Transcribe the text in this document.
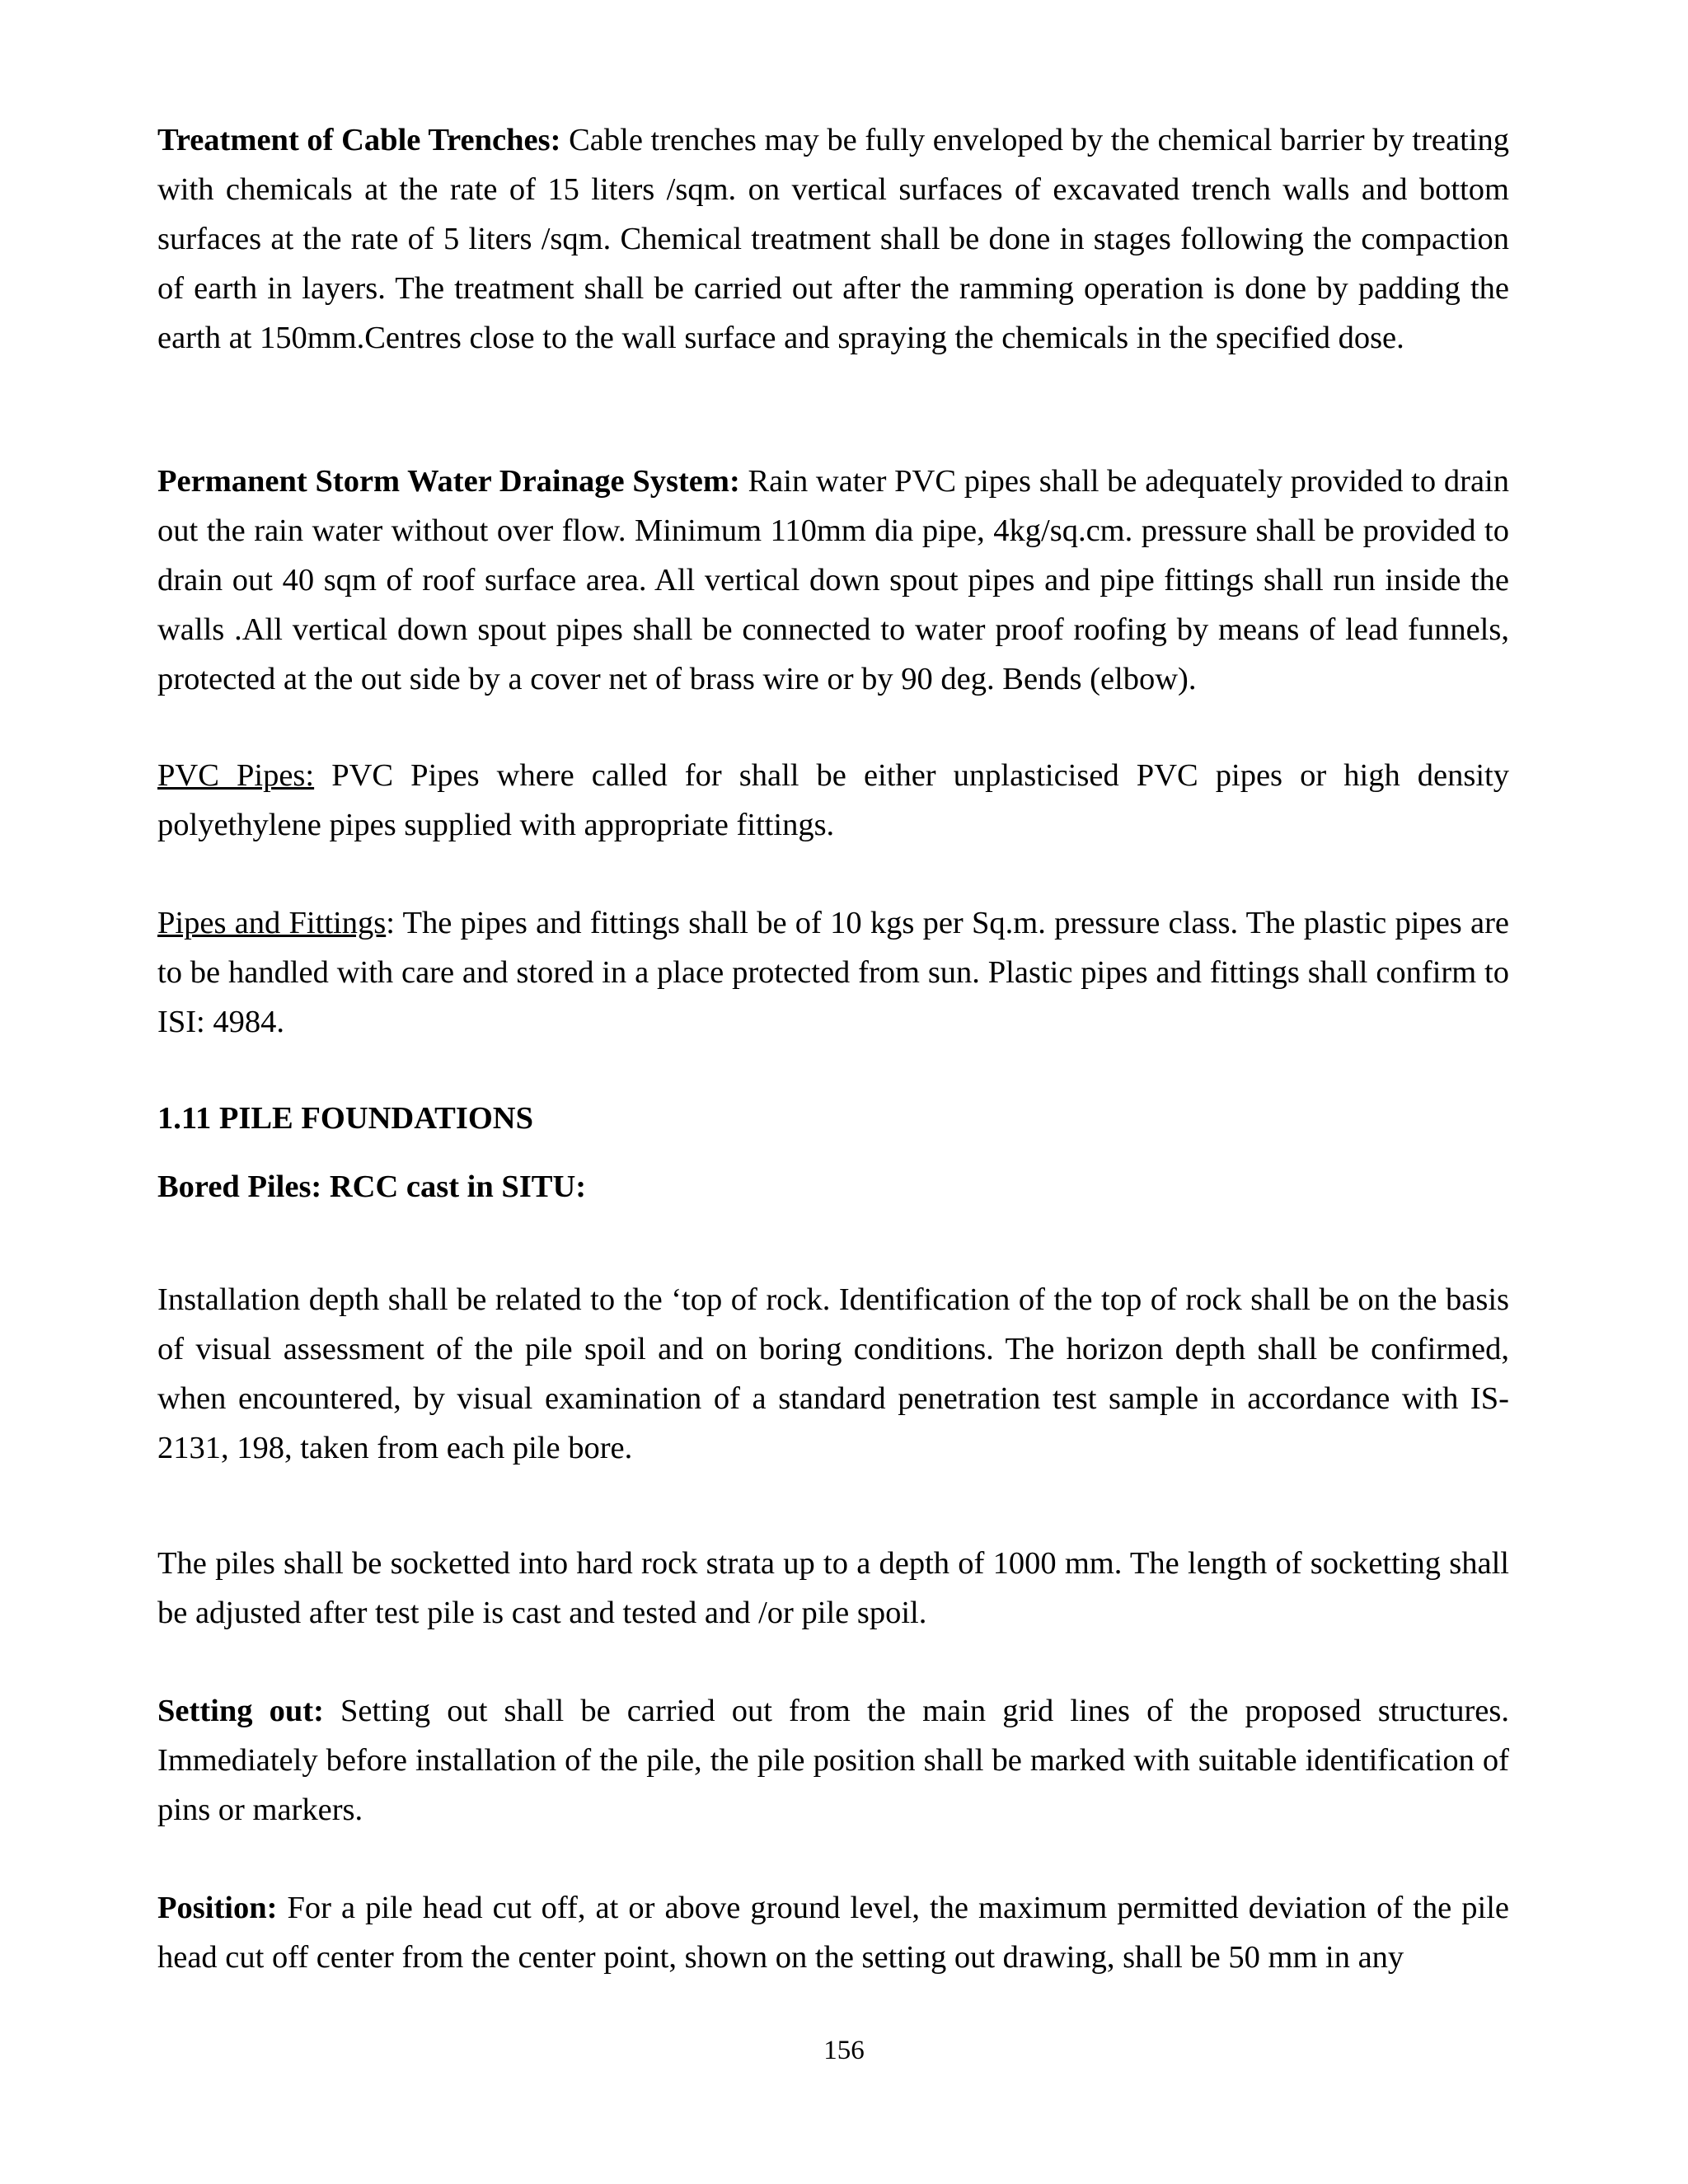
Treatment of Cable Trenches: Cable trenches may be fully enveloped by the chemical barrier by treating with chemicals at the rate of 15 liters /sqm. on vertical surfaces of excavated trench walls and bottom surfaces at the rate of 5 liters /sqm. Chemical treatment shall be done in stages following the compaction of earth in layers. The treatment shall be carried out after the ramming operation is done by padding the earth at 150mm.Centres close to the wall surface and spraying the chemicals in the specified dose.

Permanent Storm Water Drainage System: Rain water PVC pipes shall be adequately provided to drain out the rain water without over flow. Minimum 110mm dia pipe, 4kg/sq.cm. pressure shall be provided to drain out 40 sqm of roof surface area. All vertical down spout pipes and pipe fittings shall run inside the walls .All vertical down spout pipes shall be connected to water proof roofing by means of lead funnels, protected at the out side by a cover net of brass wire or by 90 deg. Bends (elbow).

PVC Pipes: PVC Pipes where called for shall be either unplasticised PVC pipes or high density polyethylene pipes supplied with appropriate fittings.

Pipes and Fittings: The pipes and fittings shall be of 10 kgs per Sq.m. pressure class. The plastic pipes are to be handled with care and stored in a place protected from sun. Plastic pipes and fittings shall confirm to ISI: 4984.

1.11 PILE FOUNDATIONS

Bored Piles: RCC cast in SITU:

Installation depth shall be related to the ‘top of rock. Identification of the top of rock shall be on the basis of visual assessment of the pile spoil and on boring conditions. The horizon depth shall be confirmed, when encountered, by visual examination of a standard penetration test sample in accordance with IS-2131, 198, taken from each pile bore.

The piles shall be socketted into hard rock strata up to a depth of 1000 mm. The length of socketting shall be adjusted after test pile is cast and tested and /or pile spoil.

Setting out: Setting out shall be carried out from the main grid lines of the proposed structures. Immediately before installation of the pile, the pile position shall be marked with suitable identification of pins or markers.

Position: For a pile head cut off, at or above ground level, the maximum permitted deviation of the pile head cut off center from the center point, shown on the setting out drawing, shall be 50 mm in any

156
